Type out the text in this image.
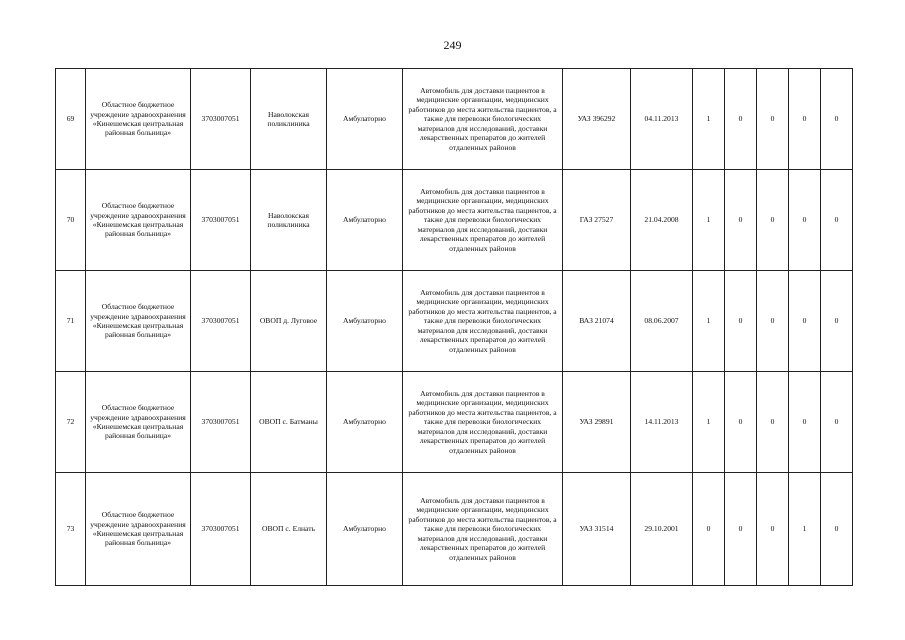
249
69	Областное бюджетное учреждение здравоохранения «Кинешемская центральная районная больница»	3703007051	Наволокская поликлиника	Амбулаторно	Автомобиль для доставки пациентов в медицинские организации, медицинских работников до места жительства пациентов, а также для перевозки биологических материалов для исследований, доставки лекарственных препаратов до жителей отдаленных районов	УАЗ 396292	04.11.2013	1	0	0	0	0
70	Областное бюджетное учреждение здравоохранения «Кинешемская центральная районная больница»	3703007051	Наволокская поликлиника	Амбулаторно	Автомобиль для доставки пациентов в медицинские организации, медицинских работников до места жительства пациентов, а также для перевозки биологических материалов для исследований, доставки лекарственных препаратов до жителей отдаленных районов	ГАЗ 27527	21.04.2008	1	0	0	0	0
71	Областное бюджетное учреждение здравоохранения «Кинешемская центральная районная больница»	3703007051	ОВОП д. Луговое	Амбулаторно	Автомобиль для доставки пациентов в медицинские организации, медицинских работников до места жительства пациентов, а также для перевозки биологических материалов для исследований, доставки лекарственных препаратов до жителей отдаленных районов	ВАЗ 21074	08.06.2007	1	0	0	0	0
72	Областное бюджетное учреждение здравоохранения «Кинешемская центральная районная больница»	3703007051	ОВОП с. Батманы	Амбулаторно	Автомобиль для доставки пациентов в медицинские организации, медицинских работников до места жительства пациентов, а также для перевозки биологических материалов для исследований, доставки лекарственных препаратов до жителей отдаленных районов	УАЗ 29891	14.11.2013	1	0	0	0	0
73	Областное бюджетное учреждение здравоохранения «Кинешемская центральная районная больница»	3703007051	ОВОП с. Елнать	Амбулаторно	Автомобиль для доставки пациентов в медицинские организации, медицинских работников до места жительства пациентов, а также для перевозки биологических материалов для исследований, доставки лекарственных препаратов до жителей отдаленных районов	УАЗ 31514	29.10.2001	0	0	0	1	0
